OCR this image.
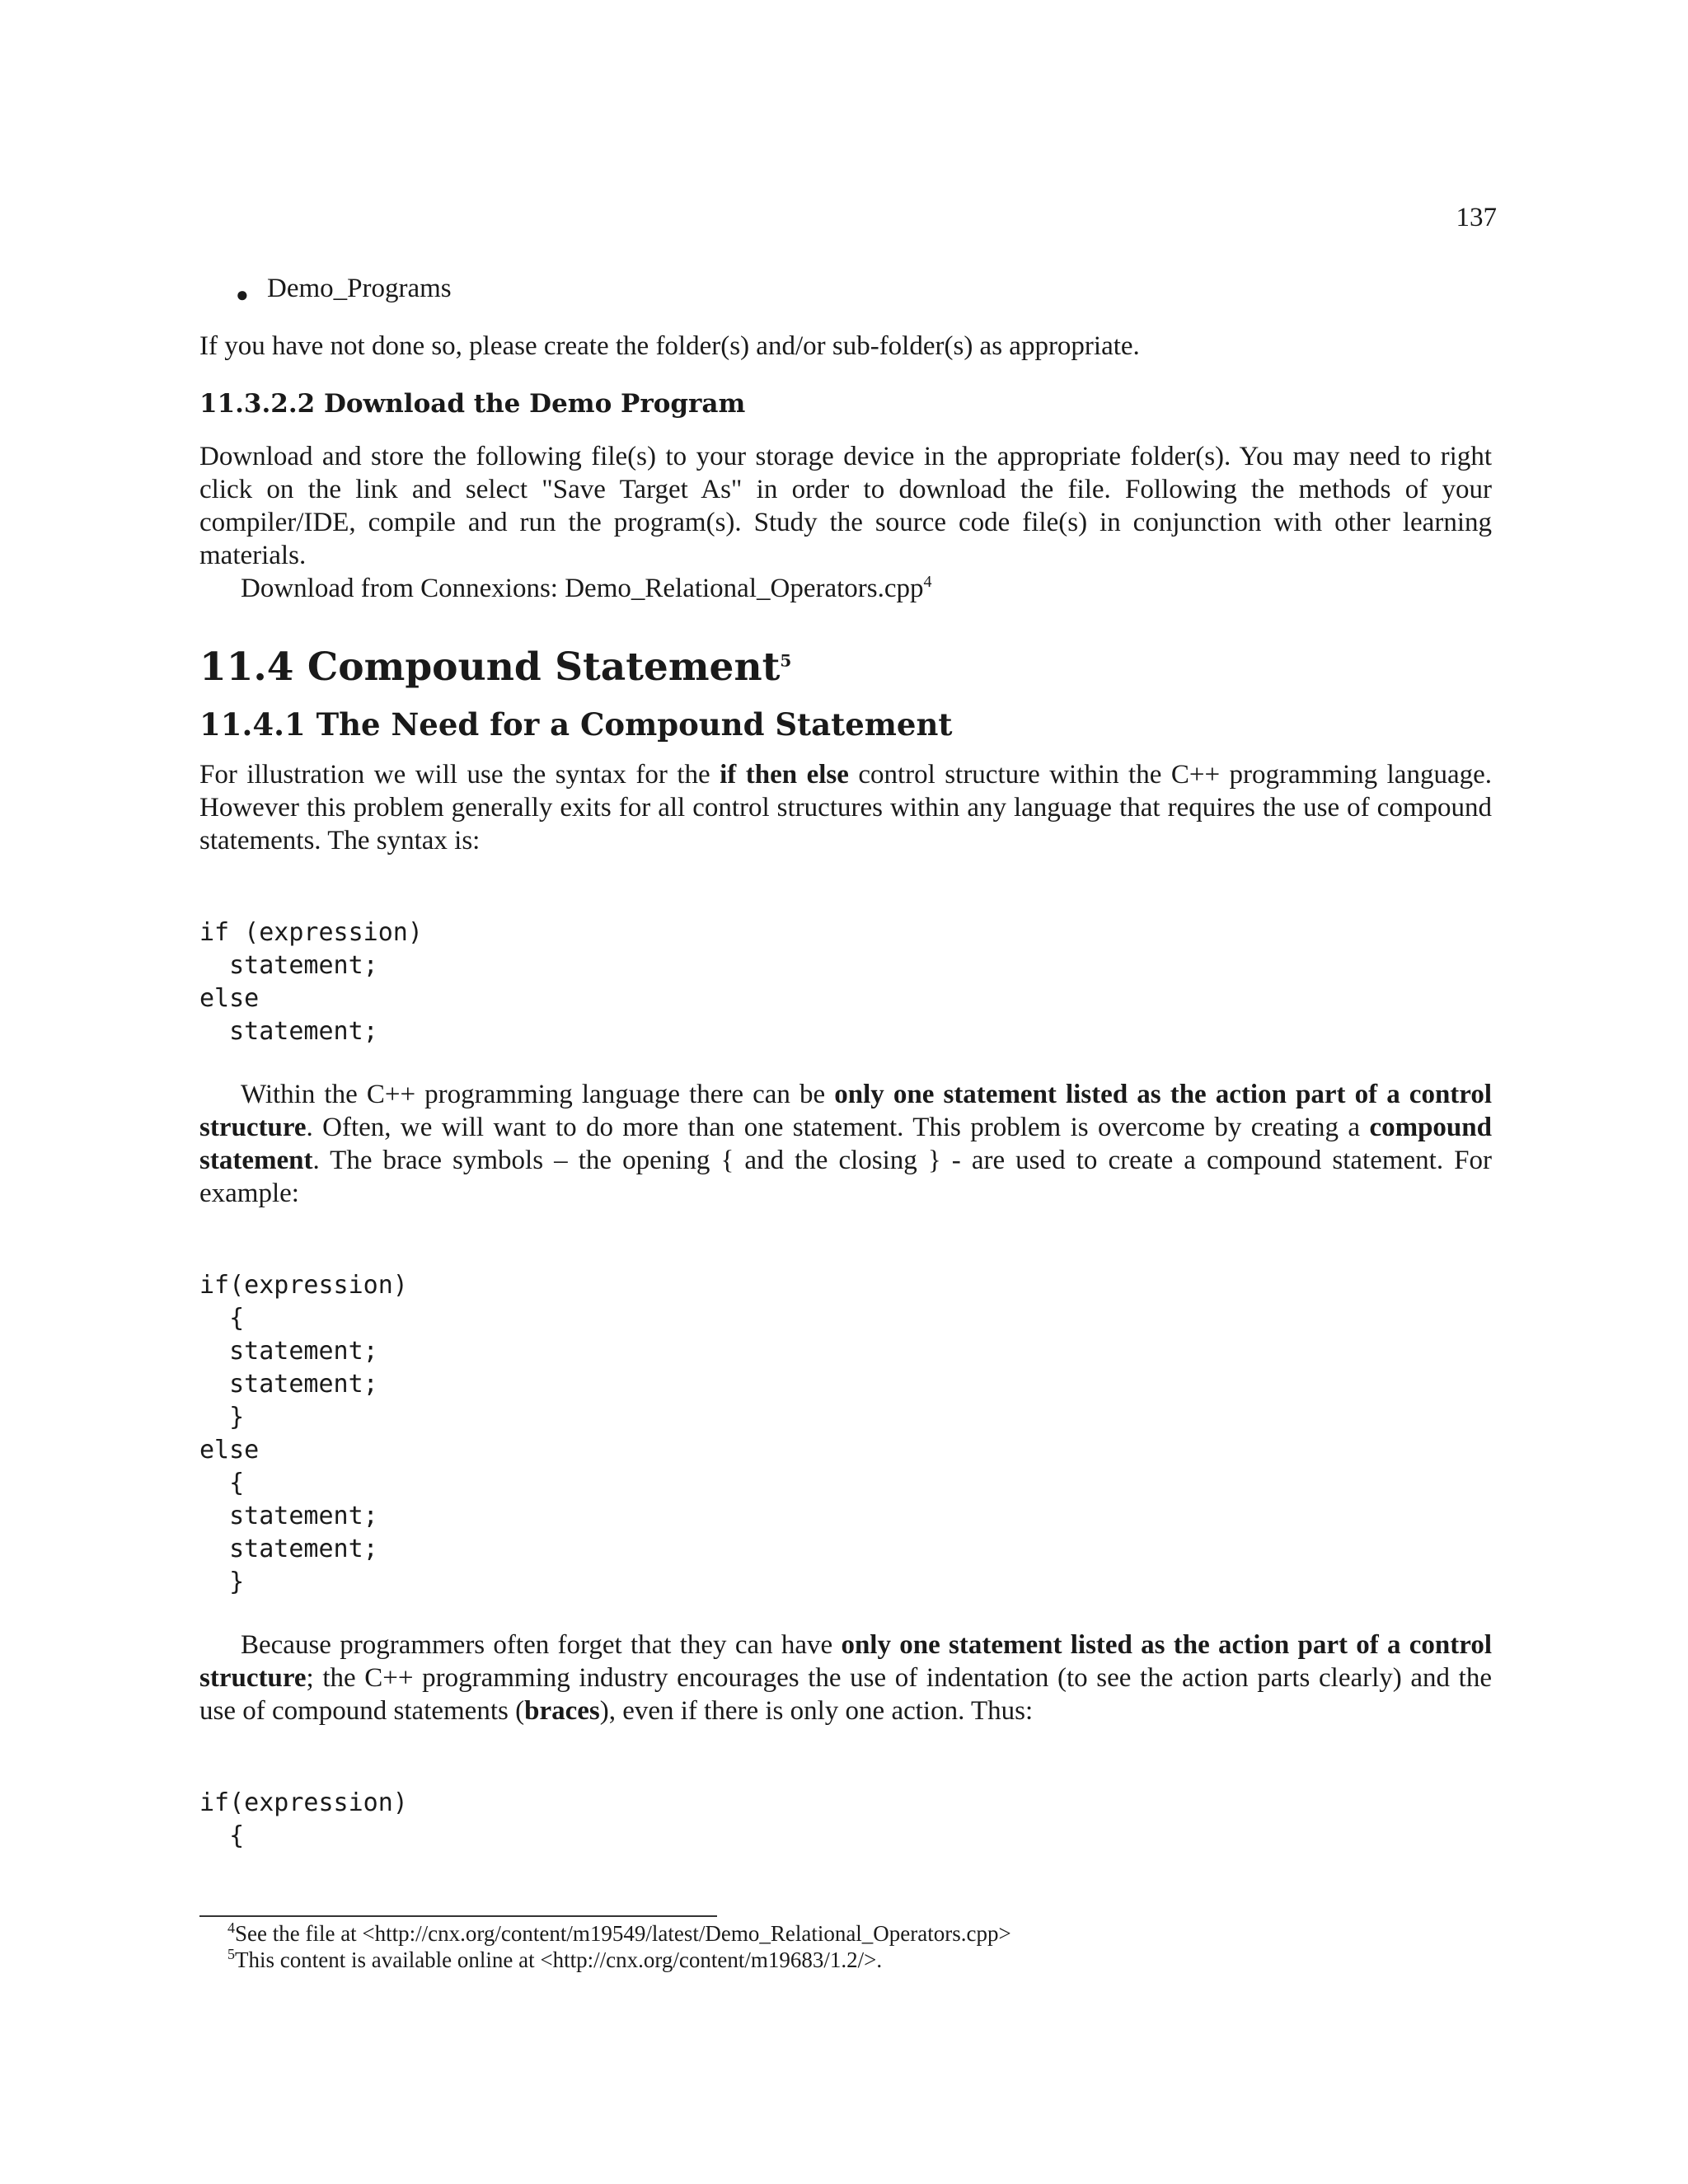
137
● Demo_Programs

If you have not done so, please create the folder(s) and/or sub-folder(s) as appropriate.

11.3.2.2 Download the Demo Program

Download and store the following file(s) to your storage device in the appropriate folder(s). You may need to right click on the link and select "Save Target As" in order to download the file. Following the methods of your compiler/IDE, compile and run the program(s). Study the source code file(s) in conjunction with other learning materials.

Download from Connexions: Demo_Relational_Operators.cpp$^4$

11.4 Compound Statement$^5$
11.4.1 The Need for a Compound Statement

For illustration we will use the syntax for the if then else control structure within the C++ programming language. However this problem generally exits for all control structures within any language that requires the use of compound statements. The syntax is:

if (expression)
statement;
else
statement;

Within the C++ programming language there can be only one statement listed as the action part of a control structure. Often, we will want to do more than one statement. This problem is overcome by creating a compound statement. The brace symbols – the opening { and the closing } - are used to create a compound statement. For example:

if(expression)
{
statement;
statement;
}
else
{
statement;
statement;
}

Because programmers often forget that they can have only one statement listed as the action part of a control structure; the C++ programming industry encourages the use of indentation (to see the action parts clearly) and the use of compound statements (braces), even if there is only one action. Thus:

if(expression)
{
$^4$See the file at <http://cnx.org/content/m19549/latest/Demo_Relational_Operators.cpp>
$^5$This content is available online at <http://cnx.org/content/m19683/1.2/>.
